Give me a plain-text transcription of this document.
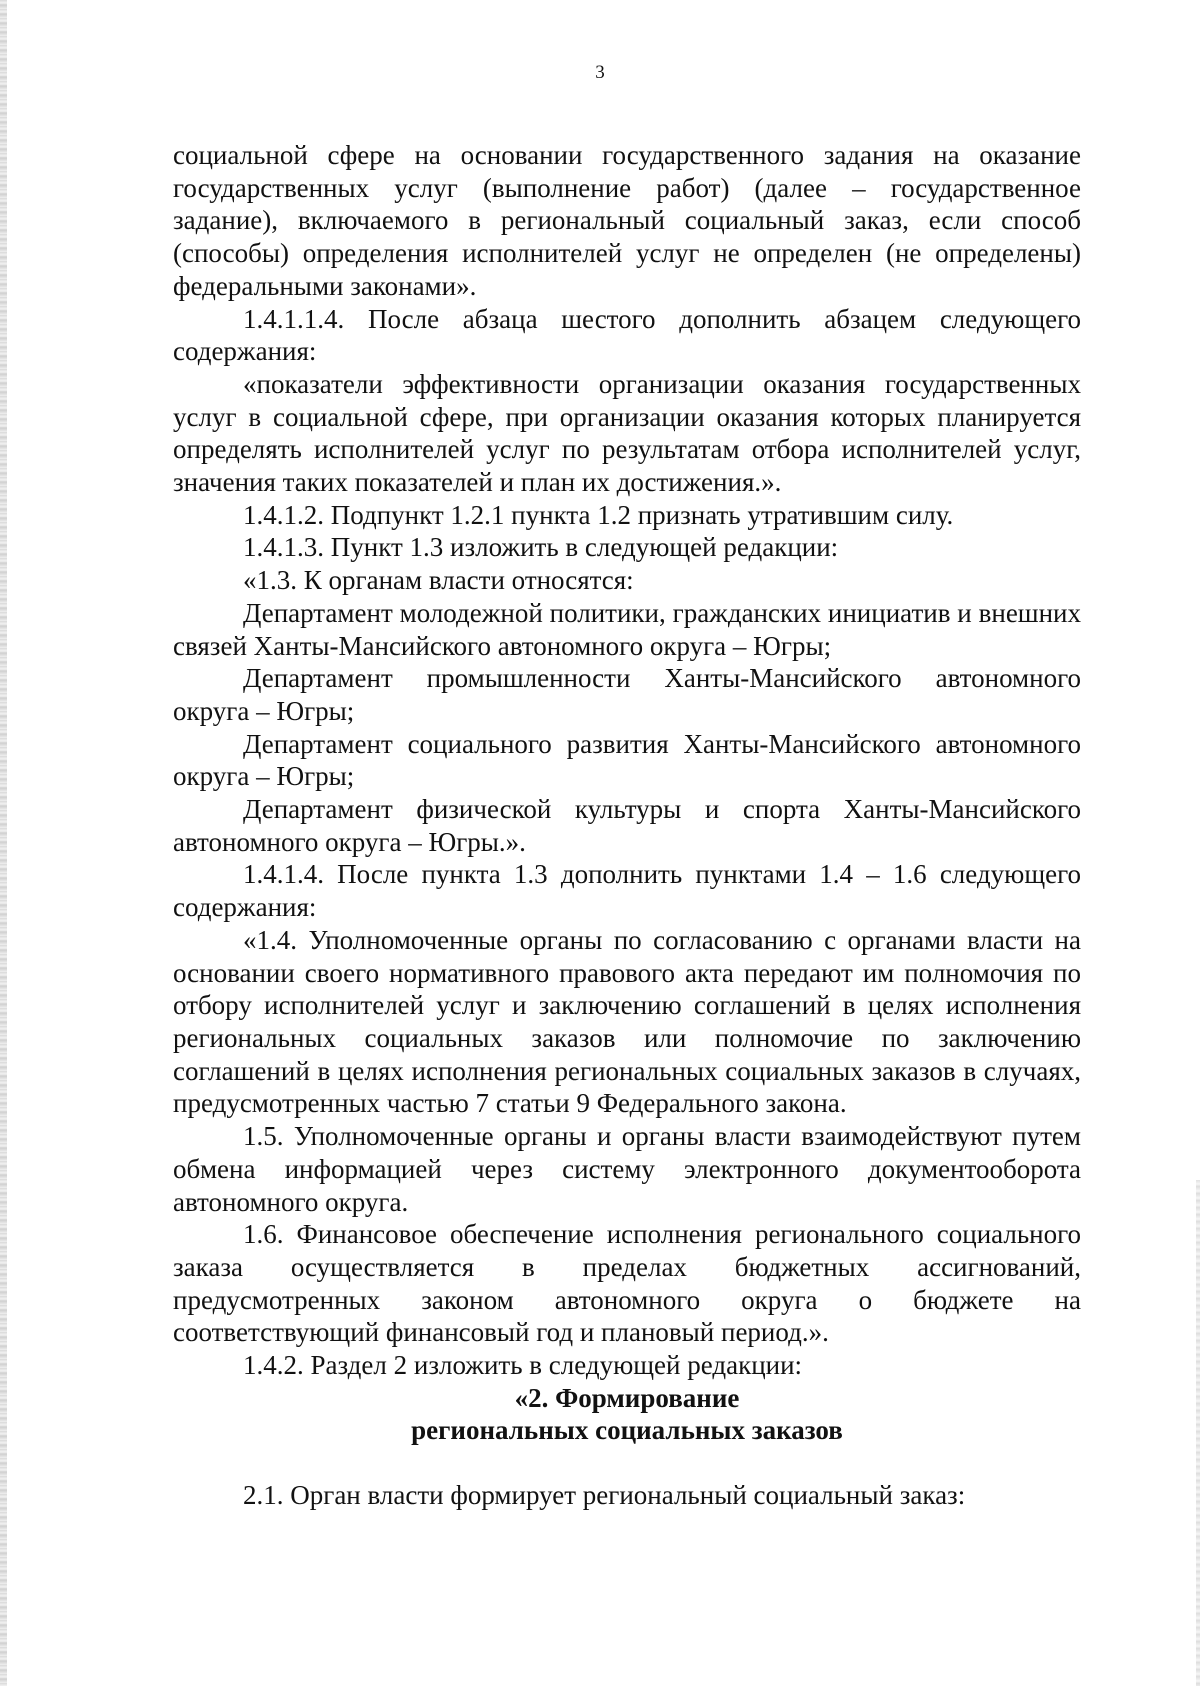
3

социальной сфере на основании государственного задания на оказание государственных услуг (выполнение работ) (далее – государственное задание), включаемого в региональный социальный заказ, если способ (способы) определения исполнителей услуг не определен (не определены) федеральными законами».

1.4.1.1.4. После абзаца шестого дополнить абзацем следующего содержания:

«показатели эффективности организации оказания государственных услуг в социальной сфере, при организации оказания которых планируется определять исполнителей услуг по результатам отбора исполнителей услуг, значения таких показателей и план их достижения.».

1.4.1.2. Подпункт 1.2.1 пункта 1.2 признать утратившим силу.

1.4.1.3. Пункт 1.3 изложить в следующей редакции:

«1.3. К органам власти относятся:

Департамент молодежной политики, гражданских инициатив и внешних связей Ханты-Мансийского автономного округа – Югры;

Департамент промышленности Ханты-Мансийского автономного округа – Югры;

Департамент социального развития Ханты-Мансийского автономного округа – Югры;

Департамент физической культуры и спорта Ханты-Мансийского автономного округа – Югры.».

1.4.1.4. После пункта 1.3 дополнить пунктами 1.4 – 1.6 следующего содержания:

«1.4. Уполномоченные органы по согласованию с органами власти на основании своего нормативного правового акта передают им полномочия по отбору исполнителей услуг и заключению соглашений в целях исполнения региональных социальных заказов или полномочие по заключению соглашений в целях исполнения региональных социальных заказов в случаях, предусмотренных частью 7 статьи 9 Федерального закона.

1.5. Уполномоченные органы и органы власти взаимодействуют путем обмена информацией через систему электронного документооборота автономного округа.

1.6. Финансовое обеспечение исполнения регионального социального заказа осуществляется в пределах бюджетных ассигнований, предусмотренных законом автономного округа о бюджете на соответствующий финансовый год и плановый период.».

1.4.2. Раздел 2 изложить в следующей редакции:

«2. Формирование

региональных социальных заказов

2.1. Орган власти формирует региональный социальный заказ:
